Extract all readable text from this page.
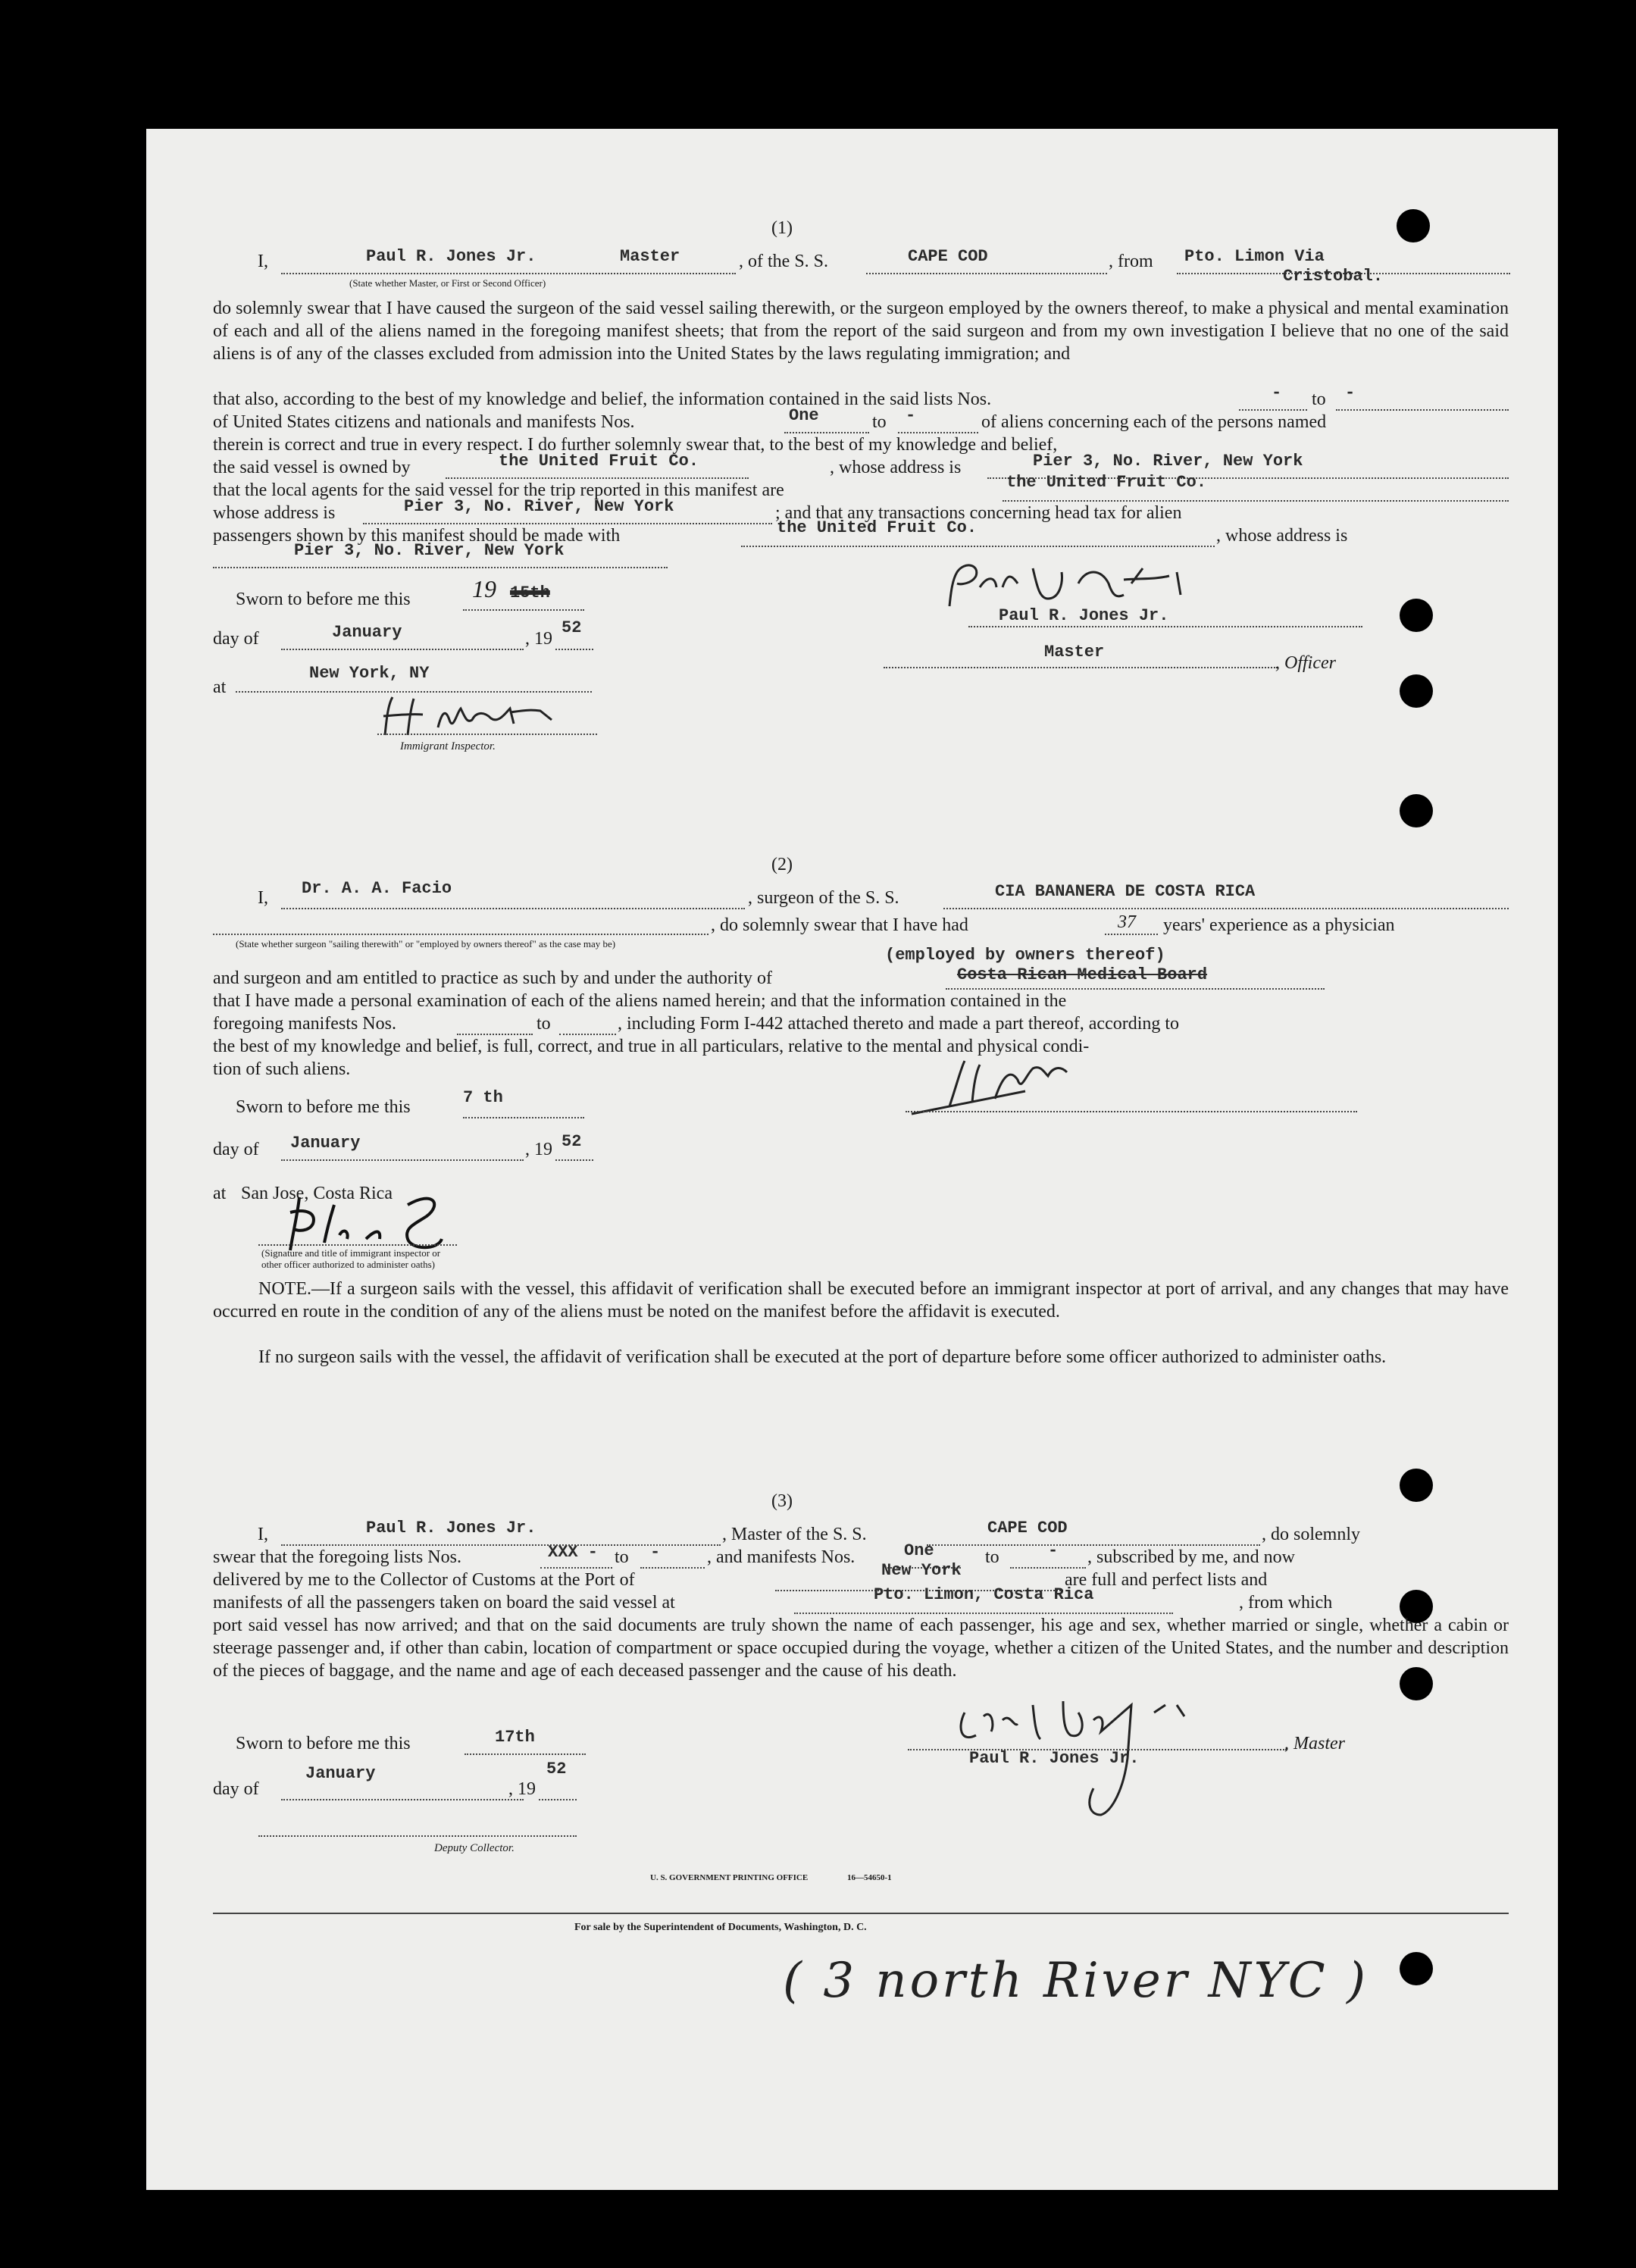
(1)
I,	Paul R. Jones Jr.	Master
(State whether Master, or First or Second Officer)
, of the S. S.	CAPE COD	, from Pto. Limon Via
Cristobal.
do solemnly swear that I have caused the surgeon of the said vessel sailing therewith, or the surgeon employed by the owners thereof, to make a physical and mental examination of each and all of the aliens named in the foregoing manifest sheets; that from the report of the said surgeon and from my own investigation I believe that no one of the said aliens is of any of the classes excluded from admission into the United States by the laws regulating immigration; and
that also, according to the best of my knowledge and belief, the information contained in the said lists Nos.	- to -
of United States citizens and nationals and manifests Nos.	One	to -	of aliens concerning each of the persons named
therein is correct and true in every respect. I do further solemnly swear that, to the best of my knowledge and belief,
the said vessel is owned by	the United Fruit Co.	, whose address is	Pier 3, No. River, New York
that the local agents for the said vessel for the trip reported in this manifest are	the United Fruit Co.
whose address is	Pier 3, No. River, New York	; and that any transactions concerning head tax for alien
passengers shown by this manifest should be made with	the United Fruit Co.	, whose address is
Pier 3, No. River, New York
Sworn to before me this	19 15th
day of	January	, 19
52
at
New York, NY
Immigrant Inspector.
Paul R. Jones Jr.
Master
, Officer
(2)
I, Dr. A. A. Facio	, surgeon of the S. S.	CIA BANANERA DE COSTA RICA
, do solemnly swear that I have had	37 years' experience as a physician
(State whether surgeon "sailing therewith" or "employed by owners thereof" as the case may be)
(employed by owners thereof)
and surgeon and am entitled to practice as such by and under the authority of	Costa Rican Medical Board
that I have made a personal examination of each of the aliens named herein; and that the information contained in the
foregoing manifests Nos.	to	, including Form I-442 attached thereto and made a part thereof, according to
the best of my knowledge and belief, is full, correct, and true in all particulars, relative to the mental and physical condi-
tion of such aliens.
Sworn to before me this	7 th
day of January	, 19 52
at San Jose, Costa Rica
(Signature and title of immigrant inspector or
other officer authorized to administer oaths)
NOTE.—If a surgeon sails with the vessel, this affidavit of verification shall be executed before an immigrant inspector at port of arrival, and any changes that may have occurred en route in the condition of any of the aliens must be noted on the manifest before the affidavit is executed.
If no surgeon sails with the vessel, the affidavit of verification shall be executed at the port of departure before some officer authorized to administer oaths.
(3)
I,	Paul R. Jones Jr.	, Master of the S. S.	CAPE COD	, do solemnly
swear that the foregoing lists Nos.	XXX - to -	, and manifests Nos.	One	to	- , subscribed by me, and now
delivered by me to the Collector of Customs at the Port of	New York	are full and perfect lists and
manifests of all the passengers taken on board the said vessel at	Pto. Limon, Costa Rica	, from which
port said vessel has now arrived; and that on the said documents are truly shown the name of each passenger, his age and sex, whether married or single, whether a cabin or steerage passenger and, if other than cabin, location of compartment or space occupied during the voyage, whether a citizen of the United States, and the number and description of the pieces of baggage, and the name and age of each deceased passenger and the cause of his death.
Sworn to before me this	17th
day of
January
, 19
52
Deputy Collector.
Paul R. Jones Jr.
, Master
U. S. GOVERNMENT PRINTING OFFICE	16—54650-1
For sale by the Superintendent of Documents, Washington, D. C.
( 3 north River NYC )
